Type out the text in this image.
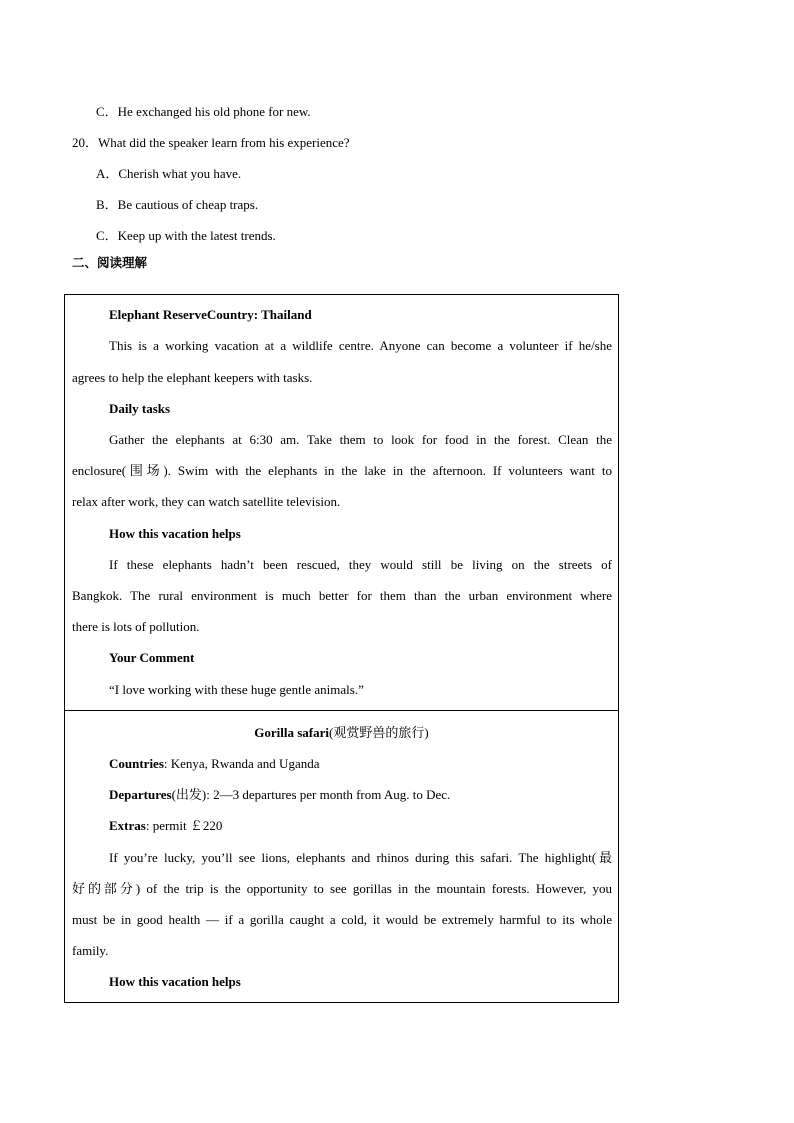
C．He exchanged his old phone for new.
20．What did the speaker learn from his experience?
A．Cherish what you have.
B．Be cautious of cheap traps.
C．Keep up with the latest trends.
二、阅读理解
Elephant ReserveCountry: Thailand
This is a working vacation at a wildlife centre. Anyone can become a volunteer if he/she
agrees to help the elephant keepers with tasks.
Daily tasks
Gather the elephants at 6:30 am. Take them to look for food in the forest. Clean the
enclosure(围场). Swim with the elephants in the lake in the afternoon. If volunteers want to
relax after work, they can watch satellite television.
How this vacation helps
If these elephants hadn’t been rescued, they would still be living on the streets of
Bangkok. The rural environment is much better for them than the urban environment where
there is lots of pollution.
Your Comment
“I love working with these huge gentle animals.”
Gorilla safari(观赏野兽的旅行)
Countries: Kenya, Rwanda and Uganda
Departures(出发): 2—3 departures per month from Aug. to Dec.
Extras: permit ￡220
If you’re lucky, you’ll see lions, elephants and rhinos during this safari. The highlight(最
好的部分) of the trip is the opportunity to see gorillas in the mountain forests. However, you
must be in good health — if a gorilla caught a cold, it would be extremely harmful to its whole
family.
How this vacation helps
